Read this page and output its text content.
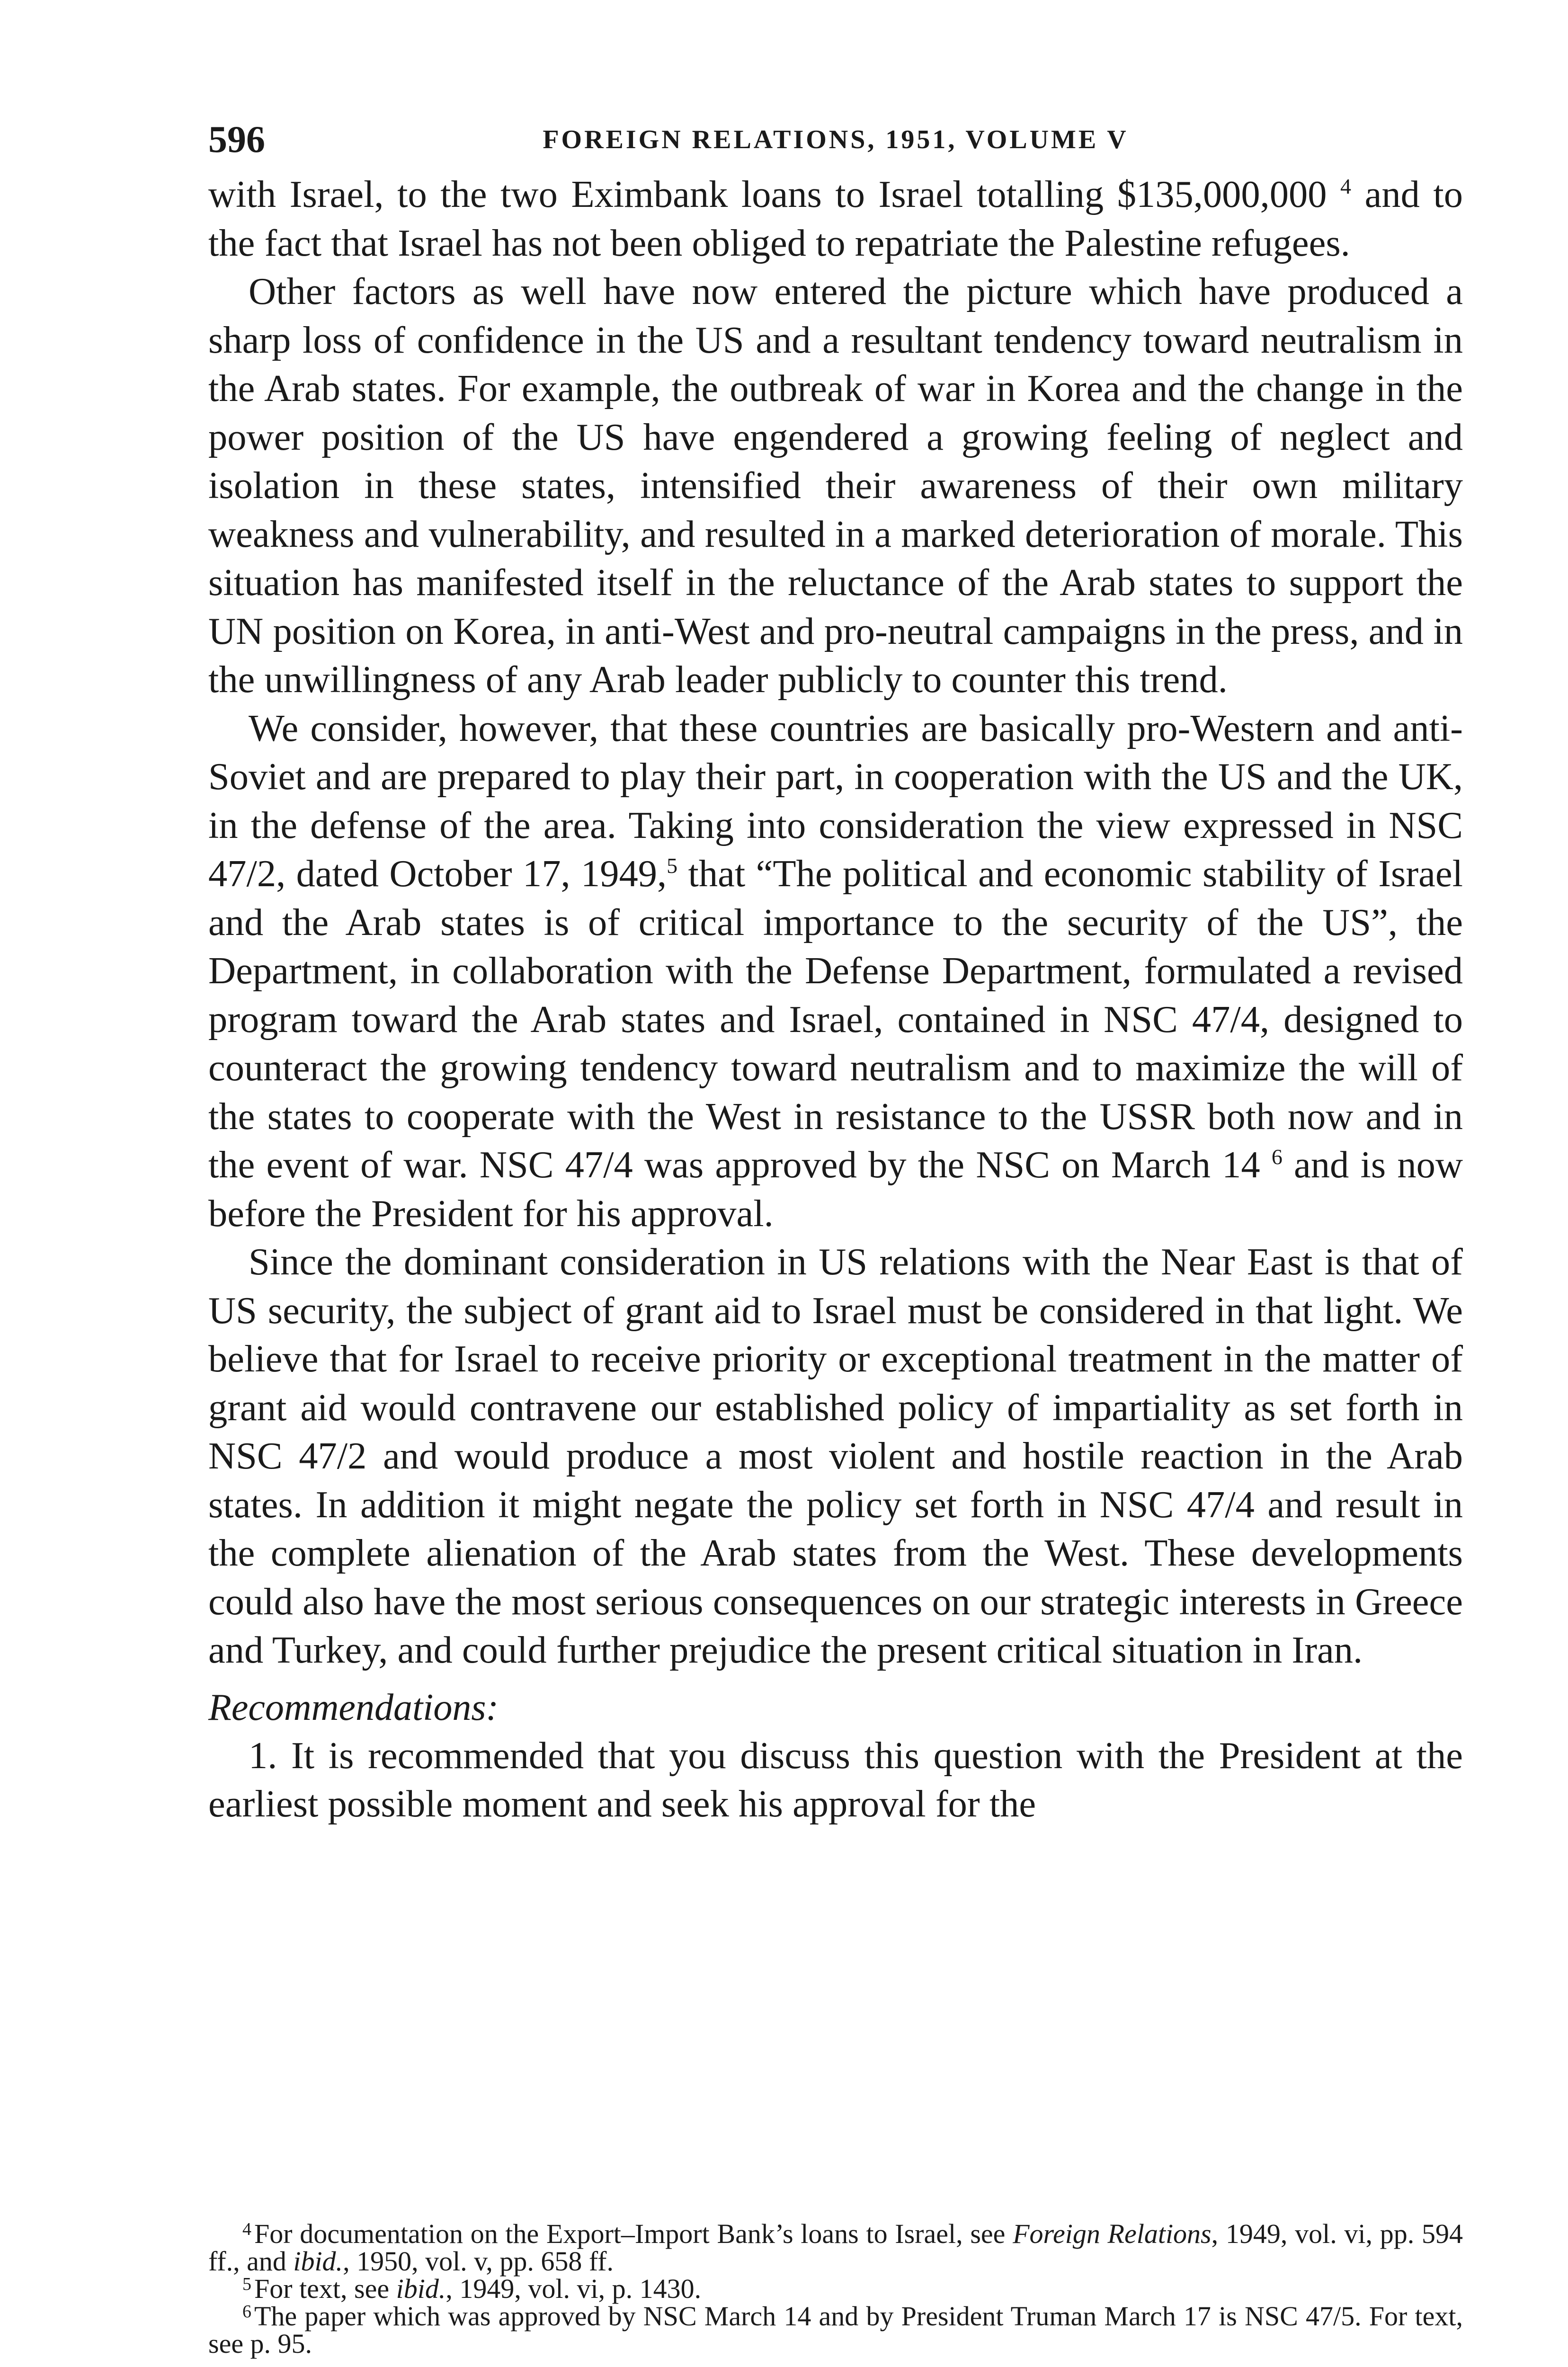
596	FOREIGN RELATIONS, 1951, VOLUME V

with Israel, to the two Eximbank loans to Israel totalling $135,000,000 $^4$ and to the fact that Israel has not been obliged to repatriate the Palestine refugees.

Other factors as well have now entered the picture which have produced a sharp loss of confidence in the US and a resultant tendency toward neutralism in the Arab states. For example, the outbreak of war in Korea and the change in the power position of the US have engendered a growing feeling of neglect and isolation in these states, intensified their awareness of their own military weakness and vulnerability, and resulted in a marked deterioration of morale. This situation has manifested itself in the reluctance of the Arab states to support the UN position on Korea, in anti-West and pro-neutral campaigns in the press, and in the unwillingness of any Arab leader publicly to counter this trend.

We consider, however, that these countries are basically pro-Western and anti-Soviet and are prepared to play their part, in cooperation with the US and the UK, in the defense of the area. Taking into consideration the view expressed in NSC 47/2, dated October 17, 1949,$^5$ that “The political and economic stability of Israel and the Arab states is of critical importance to the security of the US”, the Department, in collaboration with the Defense Department, formulated a revised program toward the Arab states and Israel, contained in NSC 47/4, designed to counteract the growing tendency toward neutralism and to maximize the will of the states to cooperate with the West in resistance to the USSR both now and in the event of war. NSC 47/4 was approved by the NSC on March 14 $^6$ and is now before the President for his approval.

Since the dominant consideration in US relations with the Near East is that of US security, the subject of grant aid to Israel must be considered in that light. We believe that for Israel to receive priority or exceptional treatment in the matter of grant aid would contravene our established policy of impartiality as set forth in NSC 47/2 and would produce a most violent and hostile reaction in the Arab states. In addition it might negate the policy set forth in NSC 47/4 and result in the complete alienation of the Arab states from the West. These developments could also have the most serious consequences on our strategic interests in Greece and Turkey, and could further prejudice the present critical situation in Iran.

Recommendations:

1. It is recommended that you discuss this question with the President at the earliest possible moment and seek his approval for the

$^4$ For documentation on the Export–Import Bank’s loans to Israel, see Foreign Relations, 1949, vol. vi, pp. 594 ff., and ibid., 1950, vol. v, pp. 658 ff.

$^5$ For text, see ibid., 1949, vol. vi, p. 1430.

$^6$ The paper which was approved by NSC March 14 and by President Truman March 17 is NSC 47/5. For text, see p. 95.
